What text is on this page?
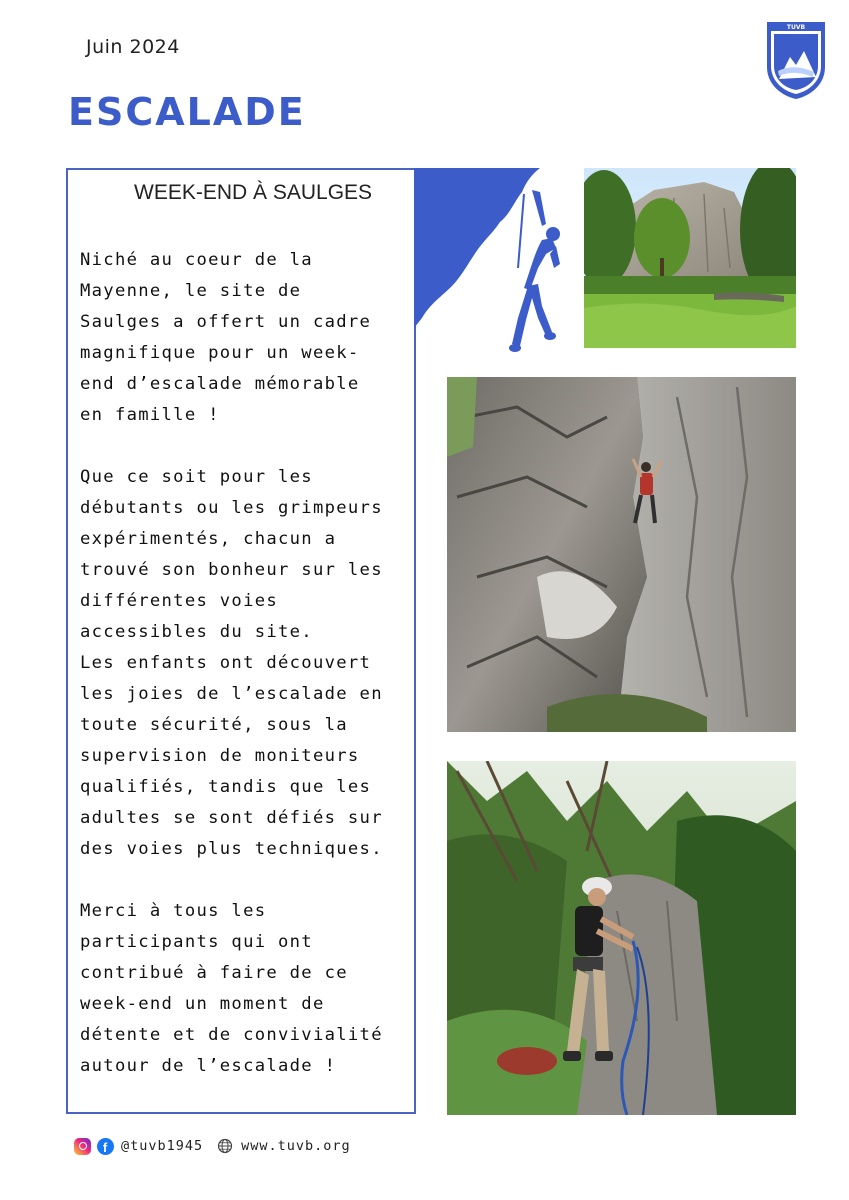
Juin 2024
ESCALADE
TUVB
WEEK-END À SAULGES

Niché au coeur de la

Mayenne, le site de

Saulges a offert un cadre

magnifique pour un week-

end d’escalade mémorable

en famille !

Que ce soit pour les

débutants ou les grimpeurs

expérimentés, chacun a

trouvé son bonheur sur les

différentes voies

accessibles du site.

Les enfants ont découvert

les joies de l’escalade en

toute sécurité, sous la

supervision de moniteurs

qualifiés, tandis que les

adultes se sont défiés sur

des voies plus techniques.

Merci à tous les

participants qui ont

contribué à faire de ce

week-end un moment de

détente et de convivialité

autour de l’escalade !

f @tuvb1945	www.tuvb.org
